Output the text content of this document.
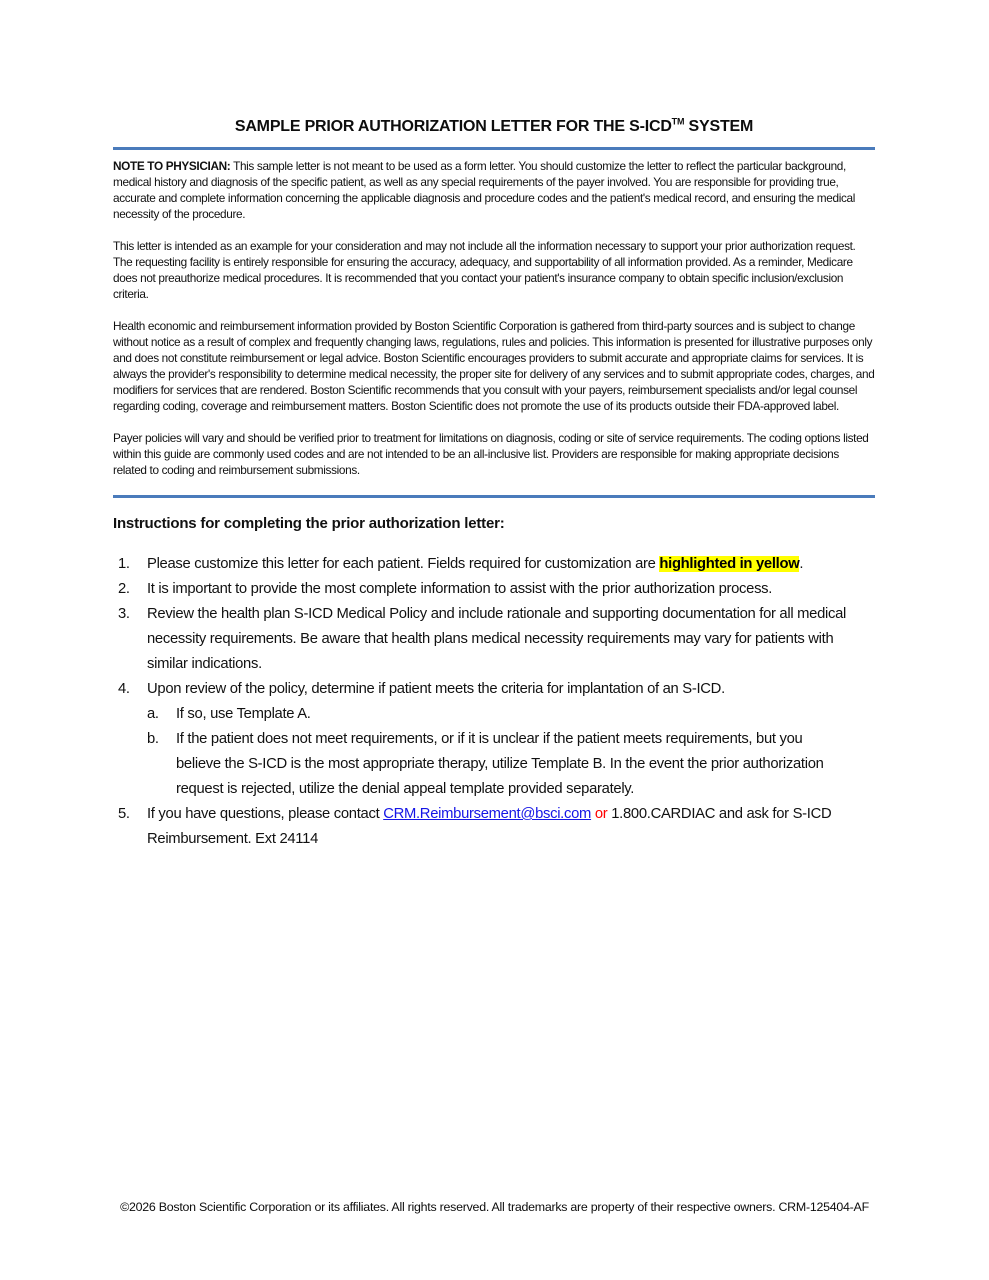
SAMPLE PRIOR AUTHORIZATION LETTER FOR THE S-ICD™ SYSTEM

NOTE TO PHYSICIAN: This sample letter is not meant to be used as a form letter. You should customize the letter to reflect the particular background, medical history and diagnosis of the specific patient, as well as any special requirements of the payer involved. You are responsible for providing true, accurate and complete information concerning the applicable diagnosis and procedure codes and the patient's medical record, and ensuring the medical necessity of the procedure.

This letter is intended as an example for your consideration and may not include all the information necessary to support your prior authorization request. The requesting facility is entirely responsible for ensuring the accuracy, adequacy, and supportability of all information provided. As a reminder, Medicare does not preauthorize medical procedures. It is recommended that you contact your patient's insurance company to obtain specific inclusion/exclusion criteria.

Health economic and reimbursement information provided by Boston Scientific Corporation is gathered from third-party sources and is subject to change without notice as a result of complex and frequently changing laws, regulations, rules and policies. This information is presented for illustrative purposes only and does not constitute reimbursement or legal advice. Boston Scientific encourages providers to submit accurate and appropriate claims for services. It is always the provider's responsibility to determine medical necessity, the proper site for delivery of any services and to submit appropriate codes, charges, and modifiers for services that are rendered. Boston Scientific recommends that you consult with your payers, reimbursement specialists and/or legal counsel regarding coding, coverage and reimbursement matters. Boston Scientific does not promote the use of its products outside their FDA-approved label.

Payer policies will vary and should be verified prior to treatment for limitations on diagnosis, coding or site of service requirements. The coding options listed within this guide are commonly used codes and are not intended to be an all-inclusive list. Providers are responsible for making appropriate decisions related to coding and reimbursement submissions.

Instructions for completing the prior authorization letter:
1.	Please customize this letter for each patient. Fields required for customization are highlighted in yellow.
2.	It is important to provide the most complete information to assist with the prior authorization process.
3.	Review the health plan S-ICD Medical Policy and include rationale and supporting documentation for all medical necessity requirements. Be aware that health plans medical necessity requirements may vary for patients with similar indications.
4.	Upon review of the policy, determine if patient meets the criteria for implantation of an S-ICD.
a.	If so, use Template A.
b.	If the patient does not meet requirements, or if it is unclear if the patient meets requirements, but you believe the S-ICD is the most appropriate therapy, utilize Template B. In the event the prior authorization request is rejected, utilize the denial appeal template provided separately.
5.	If you have questions, please contact CRM.Reimbursement@bsci.com or 1.800.CARDIAC and ask for S-ICD Reimbursement. Ext 24114
©2026 Boston Scientific Corporation or its affiliates. All rights reserved. All trademarks are property of their respective owners. CRM-125404-AF
